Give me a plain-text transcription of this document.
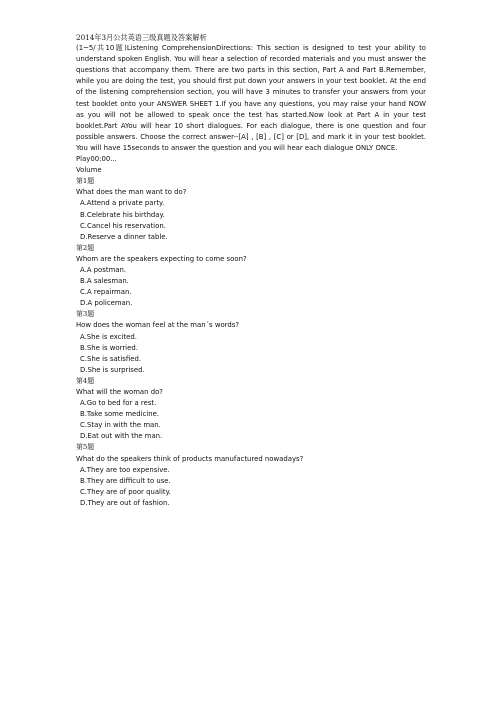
2014年3月公共英语三级真题及答案解析
(1~5/共10题)Listening ComprehensionDirections: This section is designed to test your ability to understand spoken English. You will hear a selection of recorded materials and you must answer the questions that accompany them. There are two parts in this section, Part A and Part B.Remember, while you are doing the test, you should first put down your answers in your test booklet. At the end of the listening comprehension section, you will have 3 minutes to transfer your answers from your test booklet onto your ANSWER SHEET 1.If you have any questions, you may raise your hand NOW as you will not be allowed to speak once the test has started.Now look at Part A in your test booklet.Part AYou will hear 10 short dialogues. For each dialogue, there is one question and four possible answers. Choose the correct answer--[A] , [B] , [C] or [D], and mark it in your test booklet. You will have 15seconds to answer the question and you will hear each dialogue ONLY ONCE.
Play00:00...
Volume
第1题
What does the man want to do?
A.Attend a private party.
B.Celebrate his birthday.
C.Cancel his reservation.
D.Reserve a dinner table.
第2题
Whom are the speakers expecting to come soon?
A.A postman.
B.A salesman.
C.A repairman.
D.A policeman.
第3题
How does the woman feel at the man´s words?
A.She is excited.
B.She is worried.
C.She is satisfied.
D.She is surprised.
第4题
What will the woman do?
A.Go to bed for a rest.
B.Take some medicine.
C.Stay in with the man.
D.Eat out with the man.
第5题
What do the speakers think of products manufactured nowadays?
A.They are too expensive.
B.They are difficult to use.
C.They are of poor quality.
D.They are out of fashion.
